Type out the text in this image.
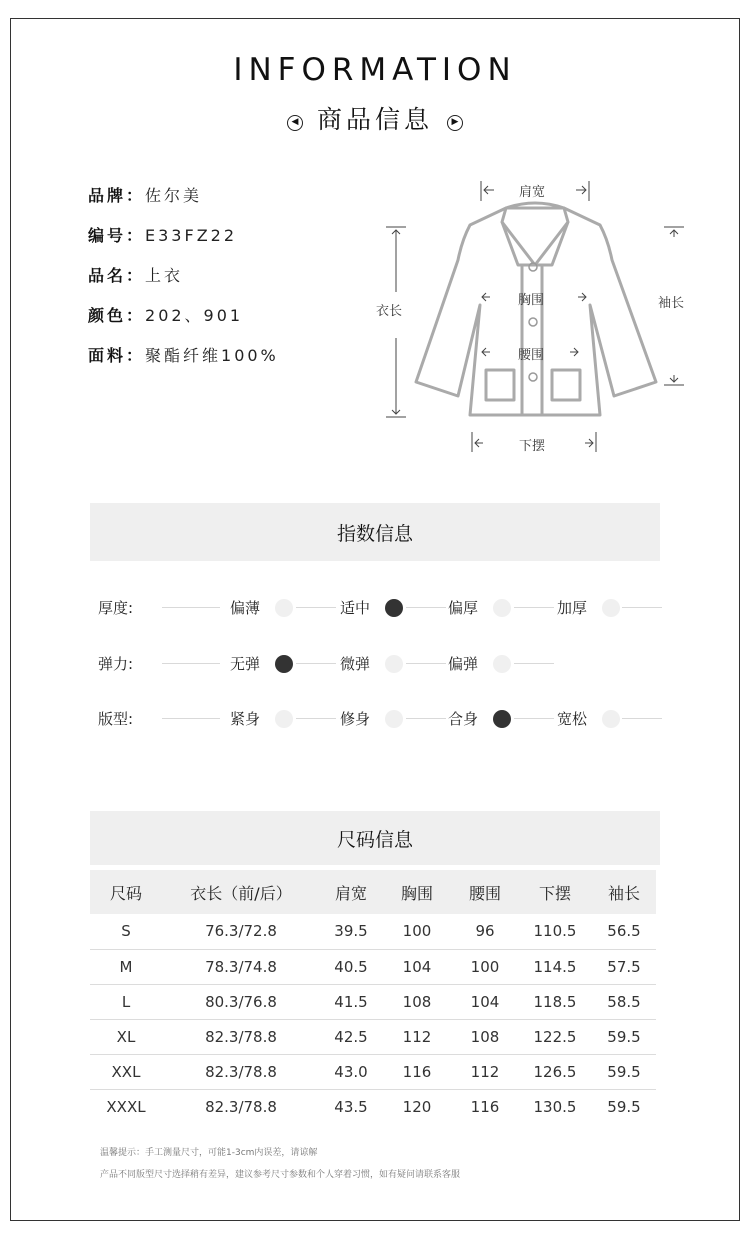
INFORMATION
◀ 商品信息 ▶
品牌：佐尔美
编号：E33FZ22
品名：上衣
颜色：202、901
面料：聚酯纤维100%
肩宽
衣长
胸围
腰围
袖长
下摆
指数信息
厚度:	偏薄	适中	偏厚	加厚
弹力:	无弹	微弹	偏弹
版型:	紧身	修身	合身	宽松
尺码信息
尺码	衣长（前/后）	肩宽	胸围	腰围	下摆	袖长
S	76.3/72.8	39.5	100	96	110.5	56.5
M	78.3/74.8	40.5	104	100	114.5	57.5
L	80.3/76.8	41.5	108	104	118.5	58.5
XL	82.3/78.8	42.5	112	108	122.5	59.5
XXL	82.3/78.8	43.0	116	112	126.5	59.5
XXXL	82.3/78.8	43.5	120	116	130.5	59.5
温馨提示：手工测量尺寸，可能1-3cm内误差，请谅解
产品不同版型尺寸选择稍有差异，建议参考尺寸参数和个人穿着习惯，如有疑问请联系客服
